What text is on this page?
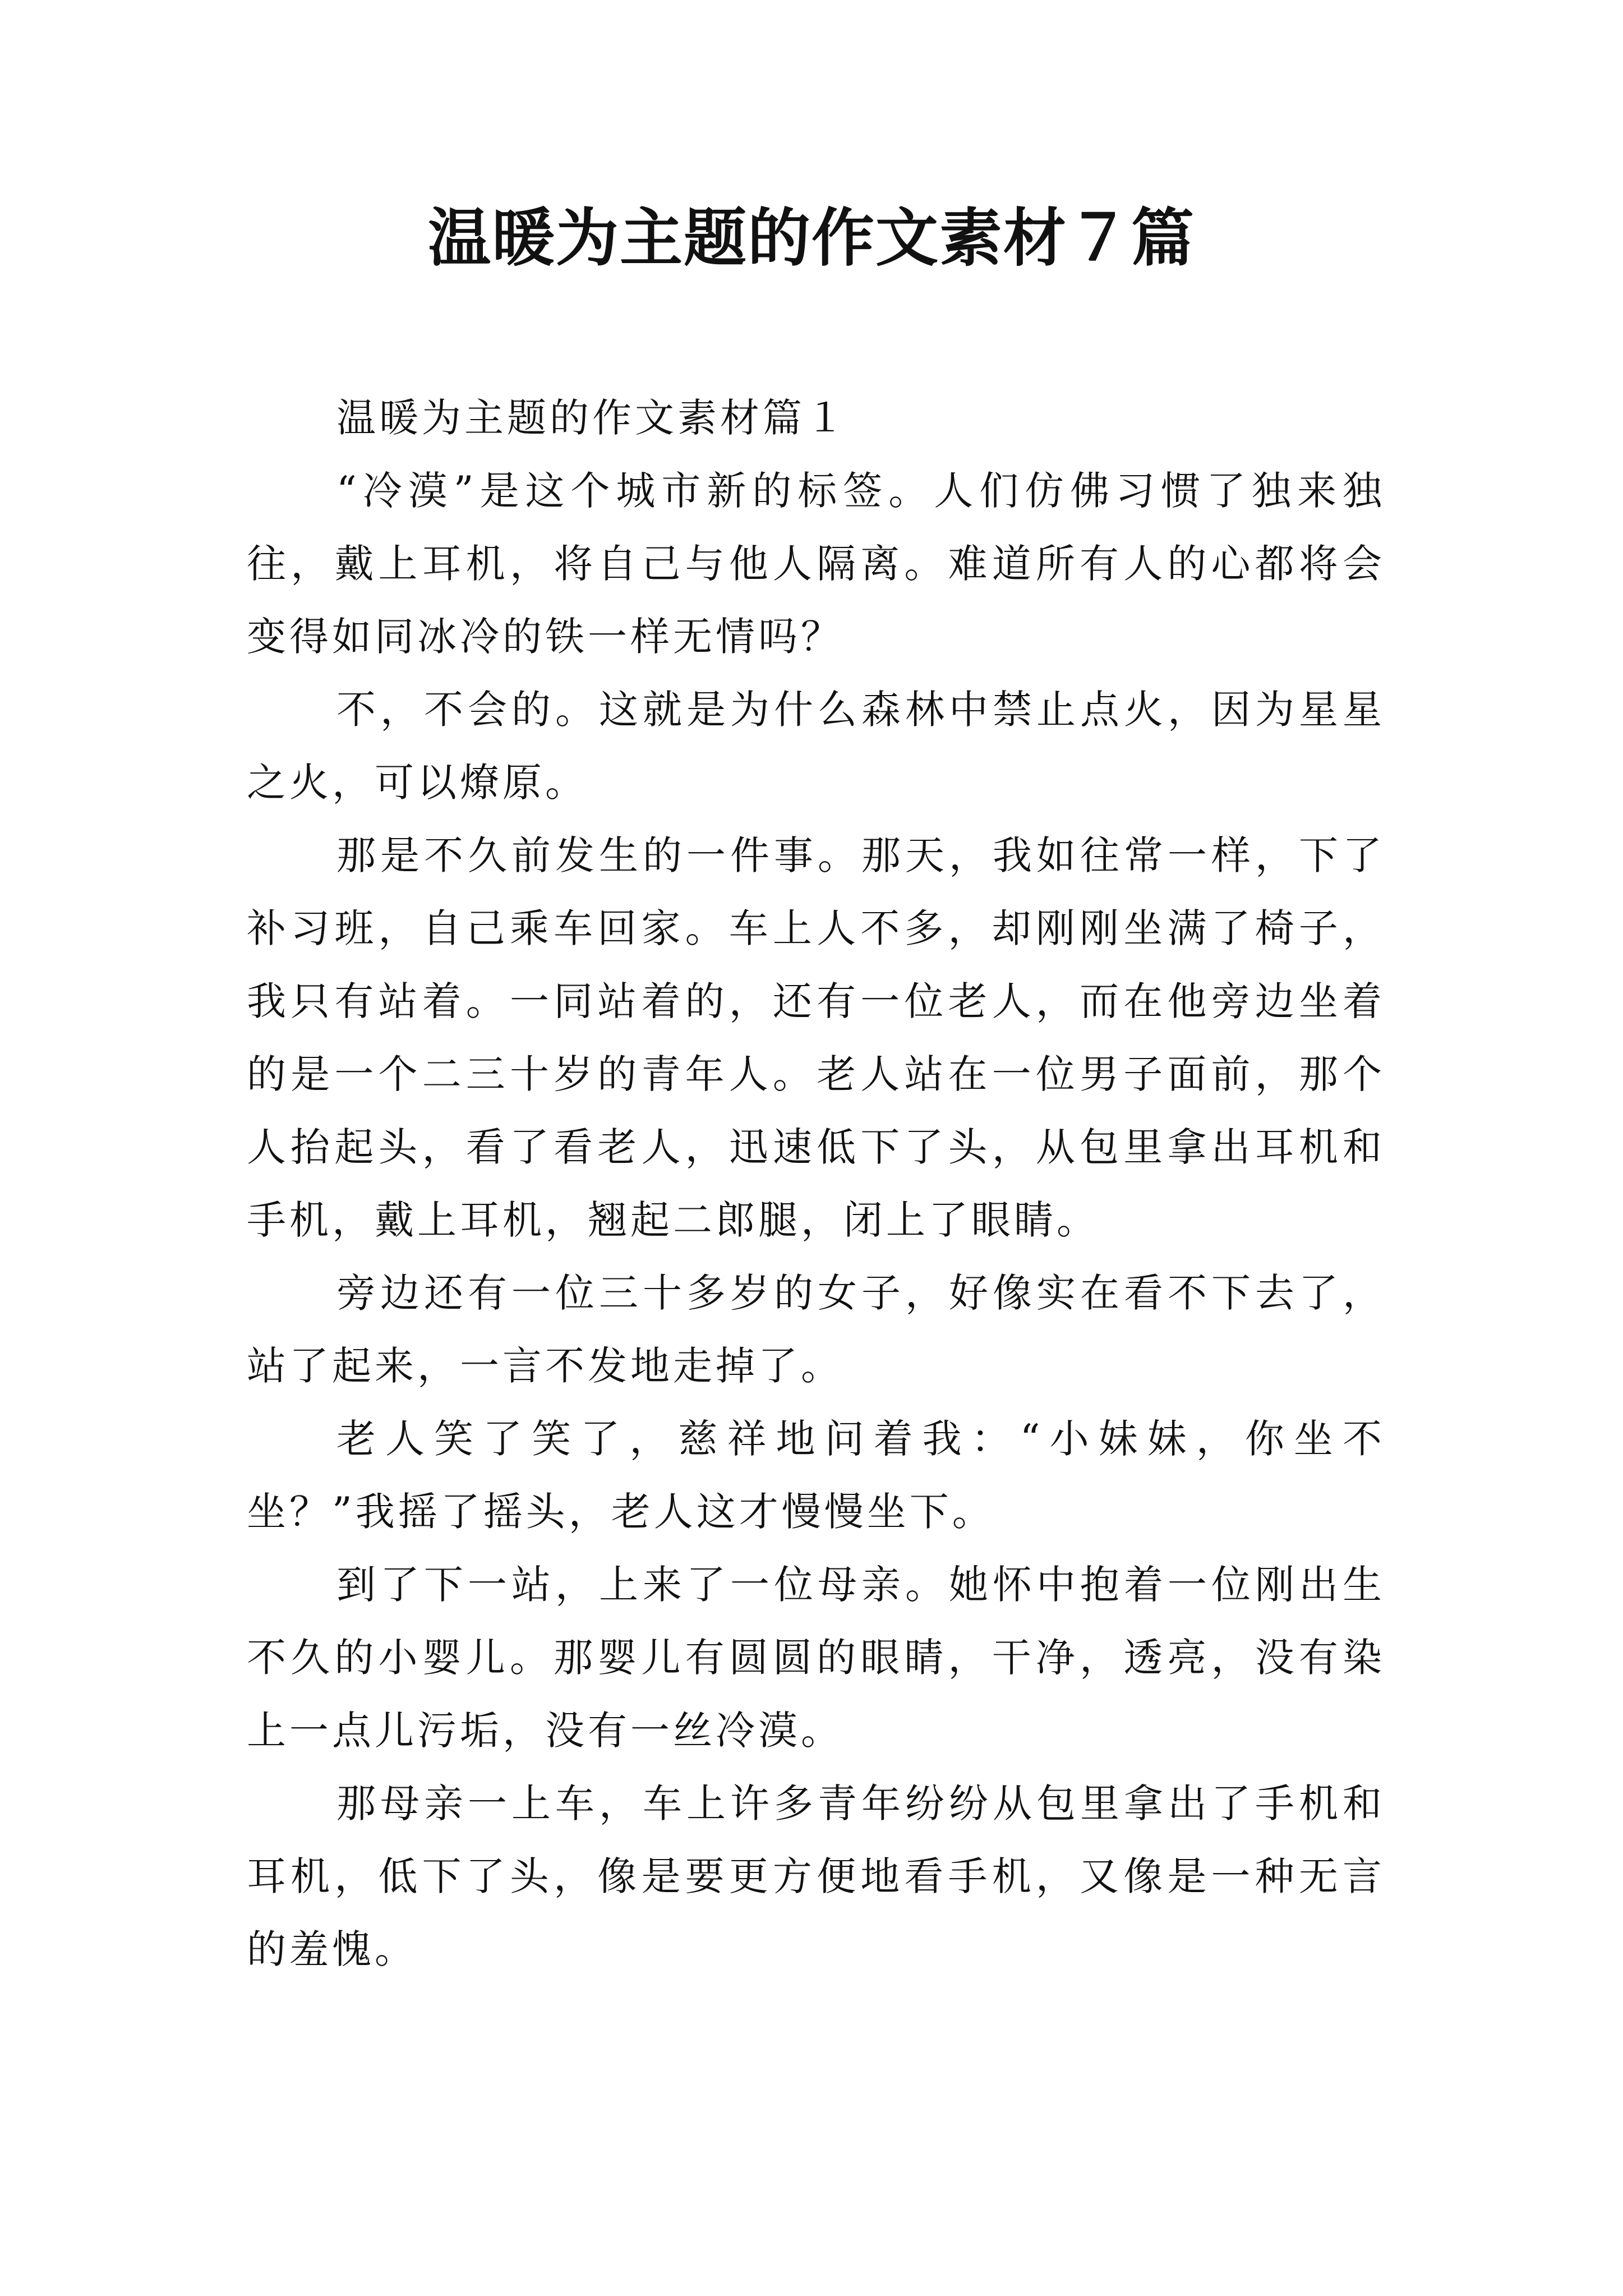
温暖为主题的作文素材７篇

温暖为主题的作文素材篇１

“冷漠”是这个城市新的标签。人们仿佛习惯了独来独往，戴上耳机，将自己与他人隔离。难道所有人的心都将会变得如同冰冷的铁一样无情吗？

不，不会的。这就是为什么森林中禁止点火，因为星星之火，可以燎原。

那是不久前发生的一件事。那天，我如往常一样，下了补习班，自己乘车回家。车上人不多，却刚刚坐满了椅子，我只有站着。一同站着的，还有一位老人，而在他旁边坐着的是一个二三十岁的青年人。老人站在一位男子面前，那个人抬起头，看了看老人，迅速低下了头，从包里拿出耳机和手机，戴上耳机，翘起二郎腿，闭上了眼睛。

旁边还有一位三十多岁的女子，好像实在看不下去了，站了起来，一言不发地走掉了。

老人笑了笑了，慈祥地问着我：“小妹妹，你坐不坐？”我摇了摇头，老人这才慢慢坐下。

到了下一站，上来了一位母亲。她怀中抱着一位刚出生不久的小婴儿。那婴儿有圆圆的眼睛，干净，透亮，没有染上一点儿污垢，没有一丝冷漠。

那母亲一上车，车上许多青年纷纷从包里拿出了手机和耳机，低下了头，像是要更方便地看手机，又像是一种无言的羞愧。
